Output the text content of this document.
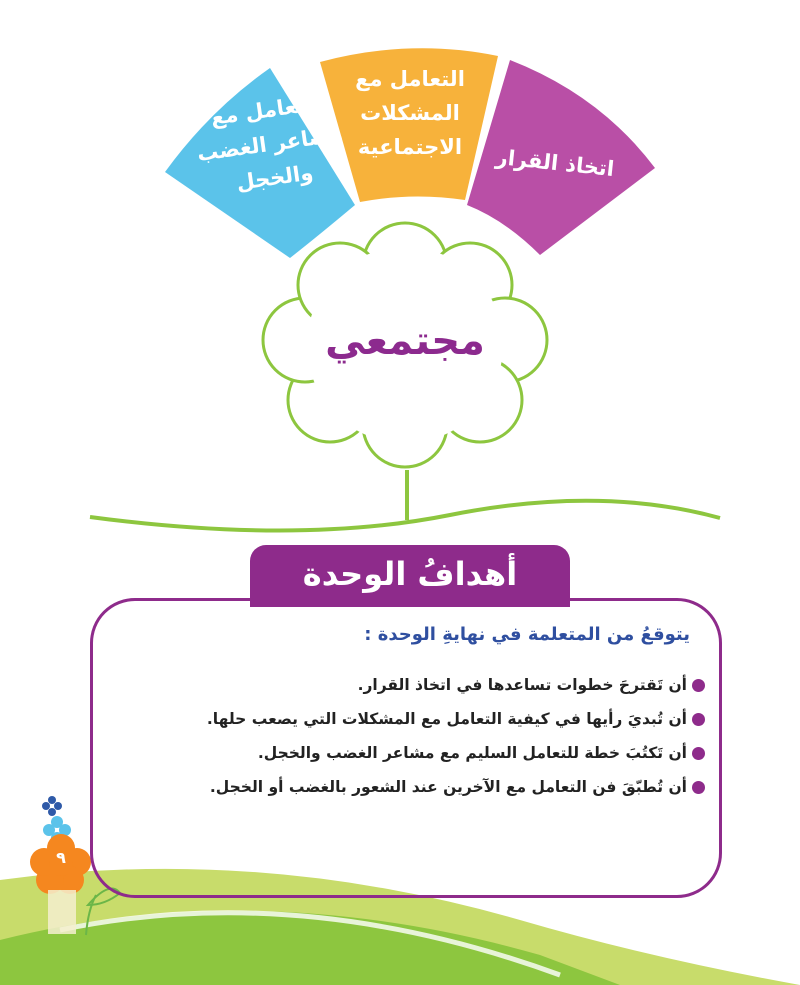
التعامل مع مشاعر الغضب والخجل
التعامل مع المشكلات الاجتماعية	اتخاذ القرار
مجتمعي
أهدافُ الوحدة
يتوقعُ من المتعلمة في نهايةِ الوحدة :
أن تَقترحَ خطوات تساعدها في اتخاذ القرار.
أن تُبديَ رأيها في كيفية التعامل مع المشكلات التي يصعب حلها.
أن تَكتُبَ خطة للتعامل السليم مع مشاعر الغضب والخجل.
أن تُطبّقَ فن التعامل مع الآخرين عند الشعور بالغضب أو الخجل.
٩
